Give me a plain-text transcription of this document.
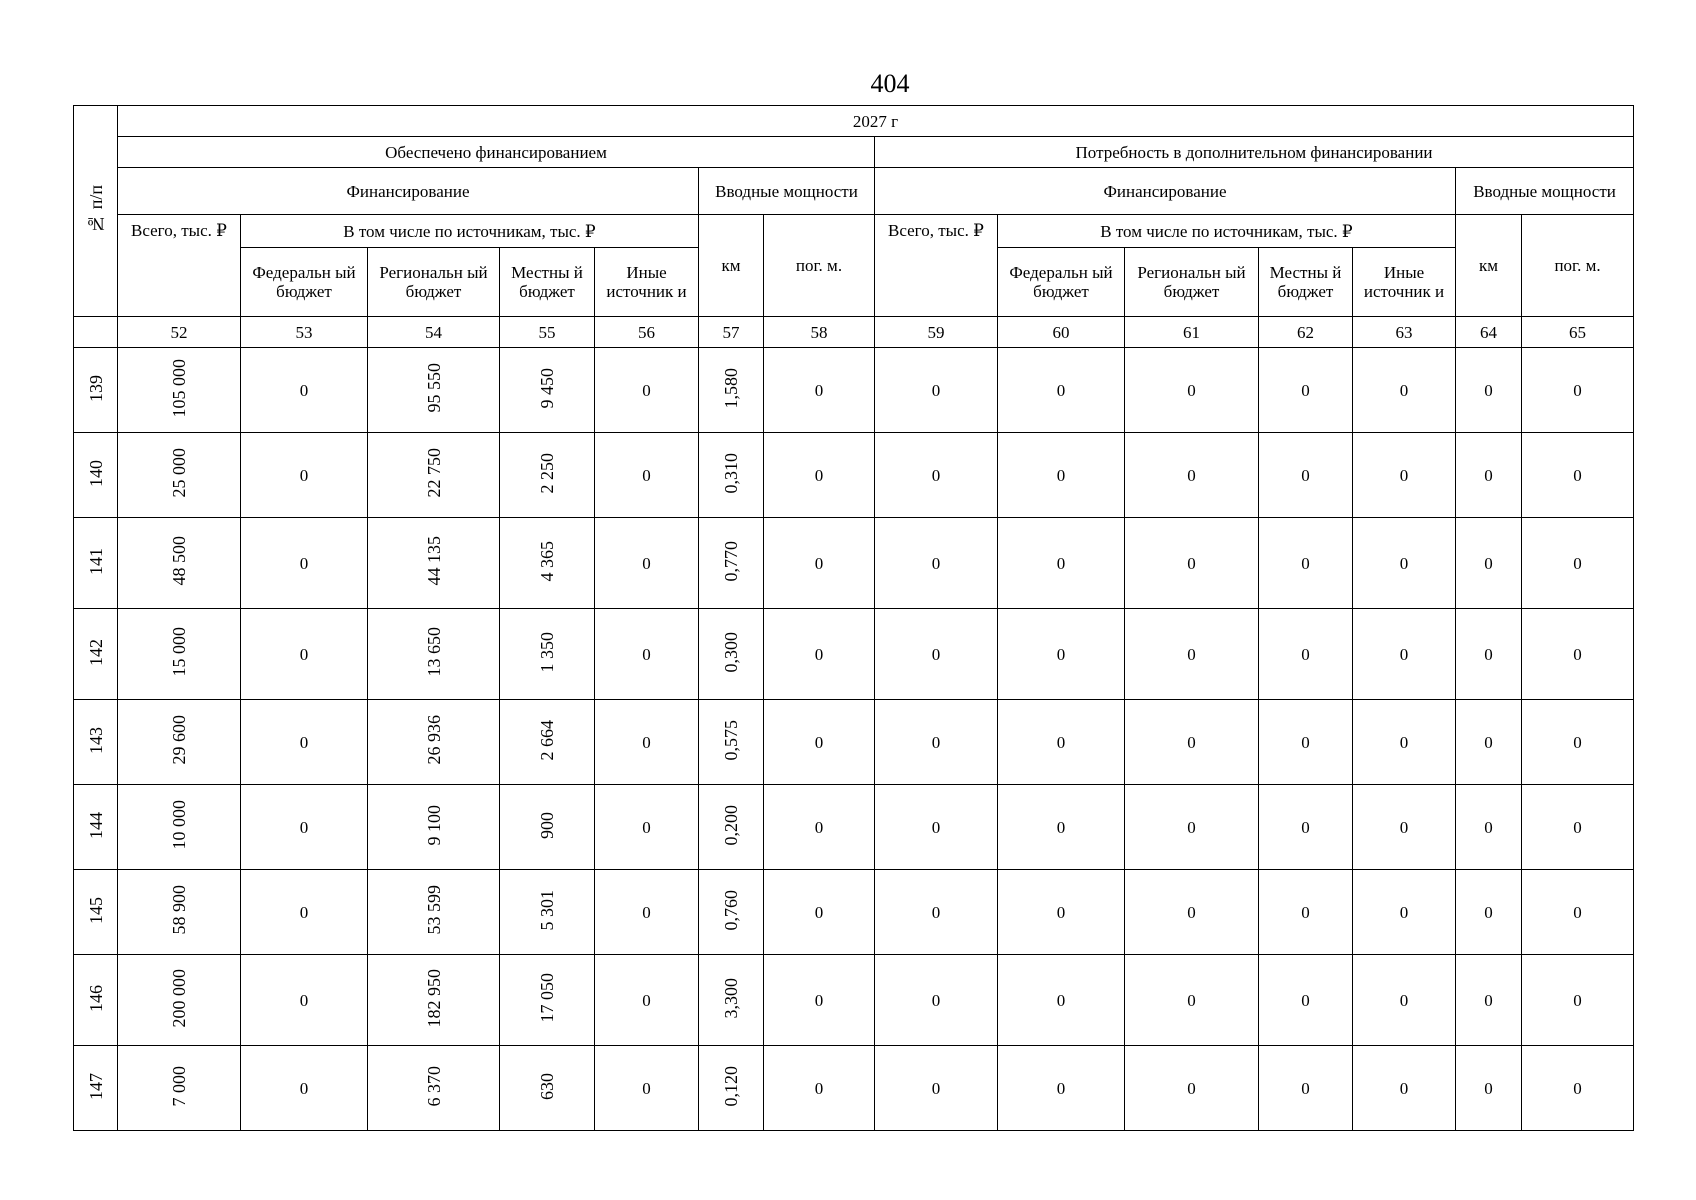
404
№ п/п	2027 г													
	Обеспечено финансированием							Потребность в дополнительном финансировании						
	Финансирование					Вводные мощности		Финансирование					Вводные мощности	
	Всего, тыс. ₽	В том числе по источникам, тыс. ₽				км	пог. м.	Всего, тыс. ₽	В том числе по источникам, тыс. ₽				км	пог. м.
		Федеральн ый бюджет	Региональн ый бюджет	Местны й бюджет	Иные источник и				Федеральн ый бюджет	Региональн ый бюджет	Местны й бюджет	Иные источник и		
	52	53	54	55	56	57	58	59	60	61	62	63	64	65
139	105 000	0	95 550	9 450	0	1,580	0	0	0	0	0	0	0	0
140	25 000	0	22 750	2 250	0	0,310	0	0	0	0	0	0	0	0
141	48 500	0	44 135	4 365	0	0,770	0	0	0	0	0	0	0	0
142	15 000	0	13 650	1 350	0	0,300	0	0	0	0	0	0	0	0
143	29 600	0	26 936	2 664	0	0,575	0	0	0	0	0	0	0	0
144	10 000	0	9 100	900	0	0,200	0	0	0	0	0	0	0	0
145	58 900	0	53 599	5 301	0	0,760	0	0	0	0	0	0	0	0
146	200 000	0	182 950	17 050	0	3,300	0	0	0	0	0	0	0	0
147	7 000	0	6 370	630	0	0,120	0	0	0	0	0	0	0	0
